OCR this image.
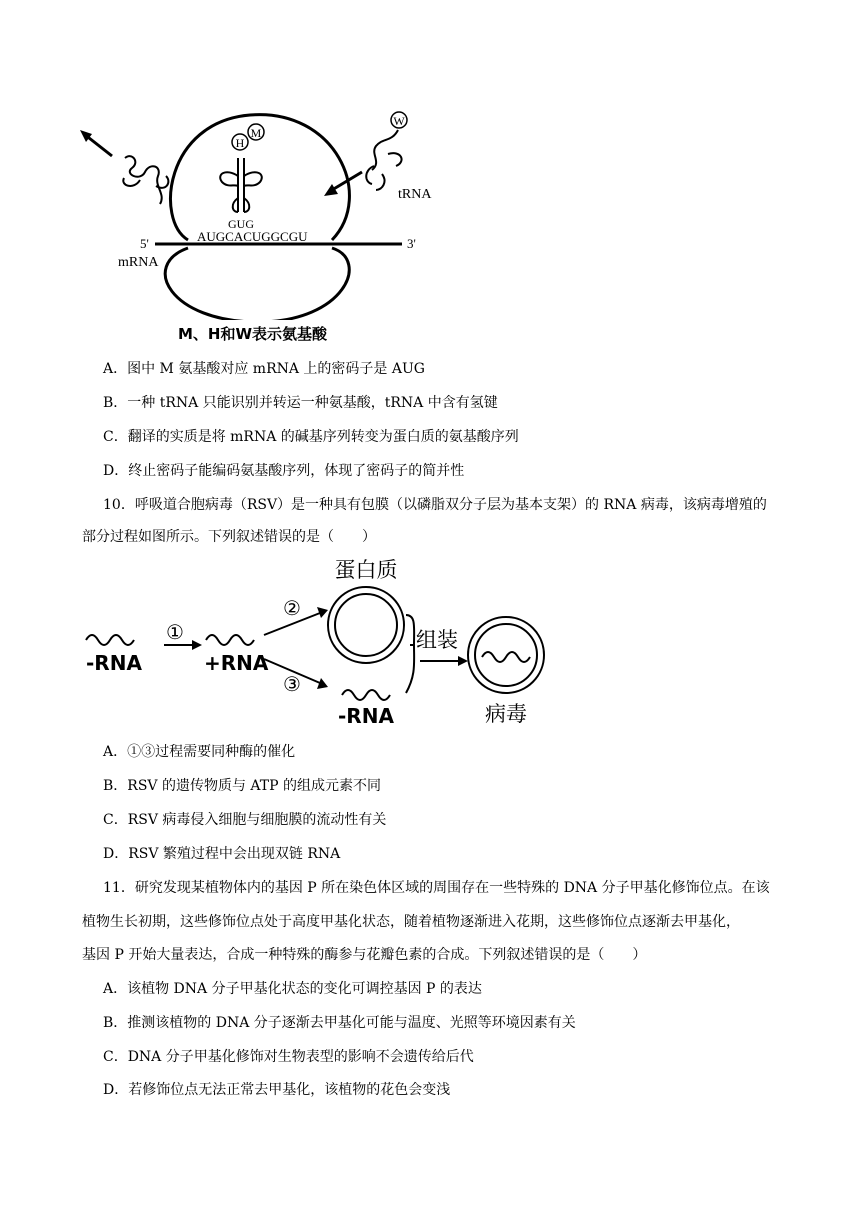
H
M
W
tRNA
GUG
AUGCACUGGCGU
5'	3'
mRNA
M、H和W表示氨基酸
A．图中 M 氨基酸对应 mRNA 上的密码子是 AUG
B．一种 tRNA 只能识别并转运一种氨基酸，tRNA 中含有氢键
C．翻译的实质是将 mRNA 的碱基序列转变为蛋白质的氨基酸序列
D．终止密码子能编码氨基酸序列，体现了密码子的简并性
10．呼吸道合胞病毒（RSV）是一种具有包膜（以磷脂双分子层为基本支架）的 RNA 病毒，该病毒增殖的
部分过程如图所示。下列叙述错误的是（　　）
-RNA
①
+RNA
②
③
蛋白质
-RNA
组装
病毒
A．①③过程需要同种酶的催化
B．RSV 的遗传物质与 ATP 的组成元素不同
C．RSV 病毒侵入细胞与细胞膜的流动性有关
D．RSV 繁殖过程中会出现双链 RNA
11．研究发现某植物体内的基因 P 所在染色体区域的周围存在一些特殊的 DNA 分子甲基化修饰位点。在该
植物生长初期，这些修饰位点处于高度甲基化状态，随着植物逐渐进入花期，这些修饰位点逐渐去甲基化，
基因 P 开始大量表达，合成一种特殊的酶参与花瓣色素的合成。下列叙述错误的是（　　）
A．该植物 DNA 分子甲基化状态的变化可调控基因 P 的表达
B．推测该植物的 DNA 分子逐渐去甲基化可能与温度、光照等环境因素有关
C．DNA 分子甲基化修饰对生物表型的影响不会遗传给后代
D．若修饰位点无法正常去甲基化，该植物的花色会变浅
